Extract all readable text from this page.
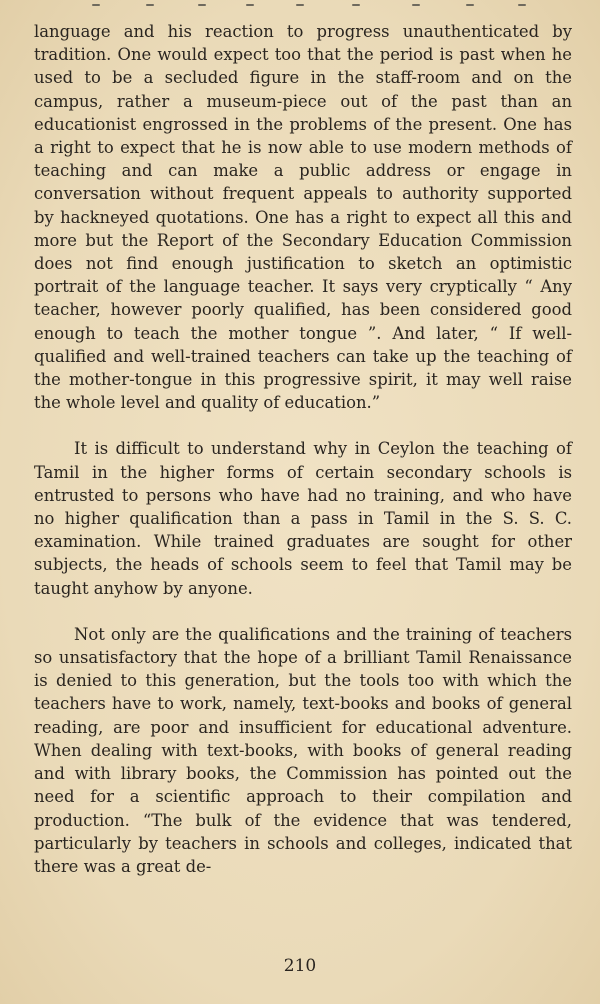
language and his reaction to progress unauthenticated by tradition. One would expect too that the period is past when he used to be a secluded figure in the staff-room and on the campus, rather a museum-piece out of the past than an educationist engrossed in the problems of the present. One has a right to expect that he is now able to use modern methods of teaching and can make a public address or engage in conversation without frequent appeals to authority supported by hackneyed quotations. One has a right to expect all this and more but the Report of the Secondary Education Commission does not find enough justification to sketch an optimistic portrait of the language teacher. It says very cryptically “ Any teacher, however poorly qualified, has been considered good enough to teach the mother tongue ”. And later, “ If well-qualified and well-trained teachers can take up the teaching of the mother-tongue in this progressive spirit, it may well raise the whole level and quality of education.”

It is difficult to understand why in Ceylon the teaching of Tamil in the higher forms of certain secondary schools is entrusted to persons who have had no training, and who have no higher qualification than a pass in Tamil in the S. S. C. examination. While trained graduates are sought for other subjects, the heads of schools seem to feel that Tamil may be taught anyhow by anyone.

Not only are the qualifications and the training of teachers so unsatisfactory that the hope of a brilliant Tamil Renaissance is denied to this generation, but the tools too with which the teachers have to work, namely, text-books and books of general reading, are poor and insufficient for educational adventure. When dealing with text-books, with books of general reading and with library books, the Commission has pointed out the need for a scientific approach to their compilation and production. “The bulk of the evidence that was tendered, particularly by teachers in schools and colleges, indicated that there was a great de-

210
